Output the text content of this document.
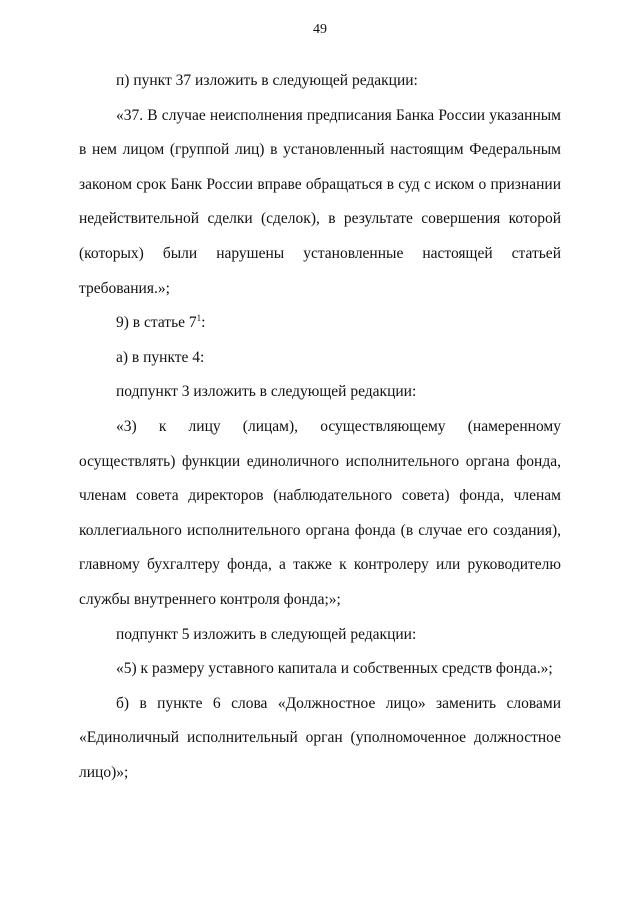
49

п) пункт 37 изложить в следующей редакции:

«37. В случае неисполнения предписания Банка России указанным в нем лицом (группой лиц) в установленный настоящим Федеральным законом срок Банк России вправе обращаться в суд с иском о признании недействительной сделки (сделок), в результате совершения которой (которых) были нарушены установленные настоящей статьей требования.»;

9) в статье $7^1$:

а) в пункте 4:

подпункт 3 изложить в следующей редакции:

«3) к лицу (лицам), осуществляющему (намеренному осуществлять) функции единоличного исполнительного органа фонда, членам совета директоров (наблюдательного совета) фонда, членам коллегиального исполнительного органа фонда (в случае его создания), главному бухгалтеру фонда, а также к контролеру или руководителю службы внутреннего контроля фонда;»;

подпункт 5 изложить в следующей редакции:

«5) к размеру уставного капитала и собственных средств фонда.»;

б) в пункте 6 слова «Должностное лицо» заменить словами «Единоличный исполнительный орган (уполномоченное должностное лицо)»;
